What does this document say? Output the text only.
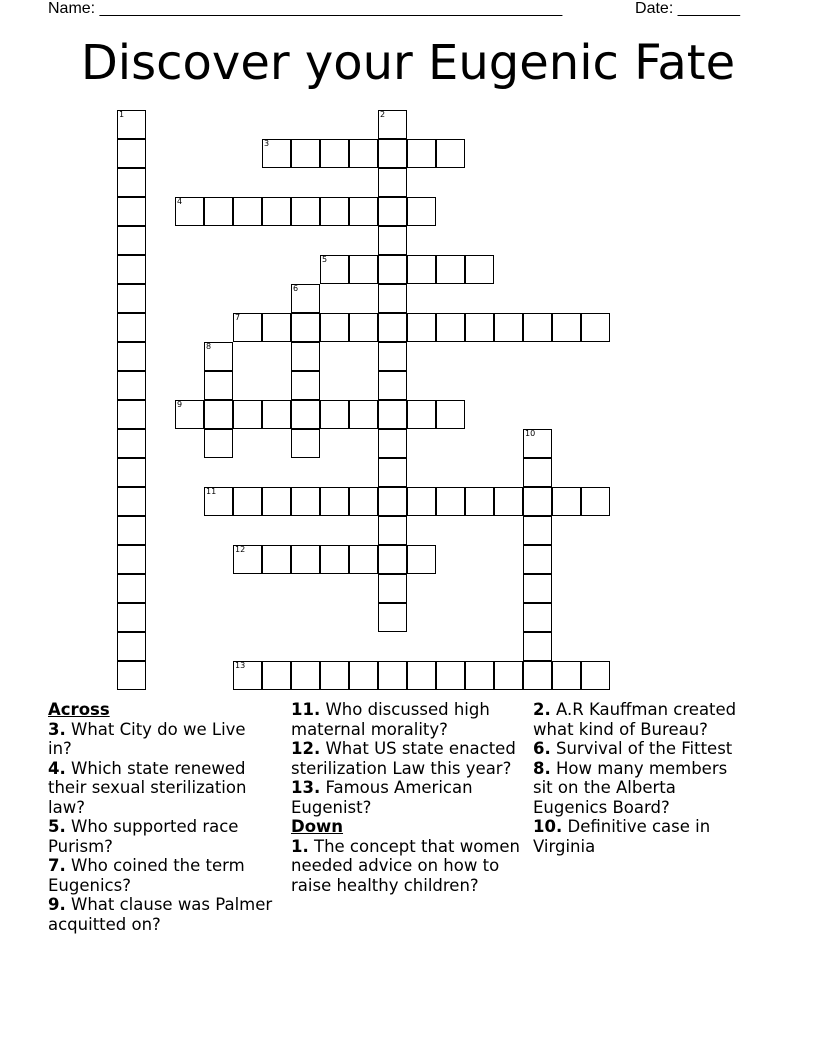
Name: ____________________________________________________	Date: _______
Discover your Eugenic Fate
1	2
3
4
5
6
7
8
9
10
11
12
13
Across
3. What City do we Live in?
4. Which state renewed their sexual sterilization law?
5. Who supported race Purism?
7. Who coined the term Eugenics?
9. What clause was Palmer acquitted on?
11. Who discussed high maternal morality?
12. What US state enacted sterilization Law this year?
13. Famous American Eugenist?
Down
1. The concept that women needed advice on how to raise healthy children?
2. A.R Kauffman created what kind of Bureau?
6. Survival of the Fittest
8. How many members sit on the Alberta Eugenics Board?
10. Definitive case in Virginia
